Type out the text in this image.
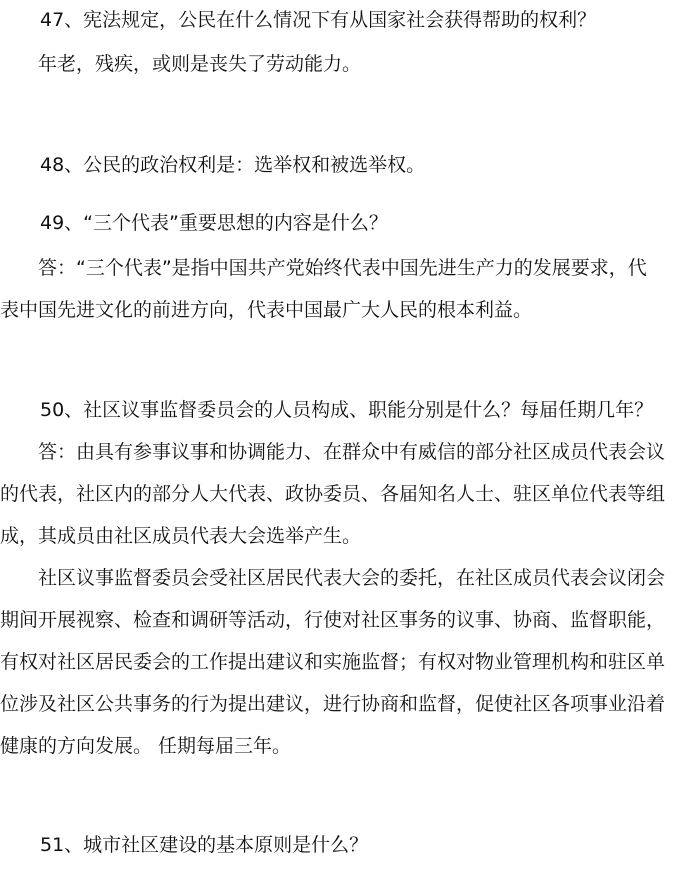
47、宪法规定，公民在什么情况下有从国家社会获得帮助的权利？
年老，残疾，或则是丧失了劳动能力。
48、公民的政治权利是：选举权和被选举权。
49、“三个代表”重要思想的内容是什么？
答：“三个代表”是指中国共产党始终代表中国先进生产力的发展要求，代
表中国先进文化的前进方向，代表中国最广大人民的根本利益。
50、社区议事监督委员会的人员构成、职能分别是什么？每届任期几年？
答：由具有参事议事和协调能力、在群众中有威信的部分社区成员代表会议
的代表，社区内的部分人大代表、政协委员、各届知名人士、驻区单位代表等组
成，其成员由社区成员代表大会选举产生。
社区议事监督委员会受社区居民代表大会的委托，在社区成员代表会议闭会
期间开展视察、检查和调研等活动，行使对社区事务的议事、协商、监督职能，
有权对社区居民委会的工作提出建议和实施监督；有权对物业管理机构和驻区单
位涉及社区公共事务的行为提出建议，进行协商和监督，促使社区各项事业沿着
健康的方向发展。 任期每届三年。
51、城市社区建设的基本原则是什么？
